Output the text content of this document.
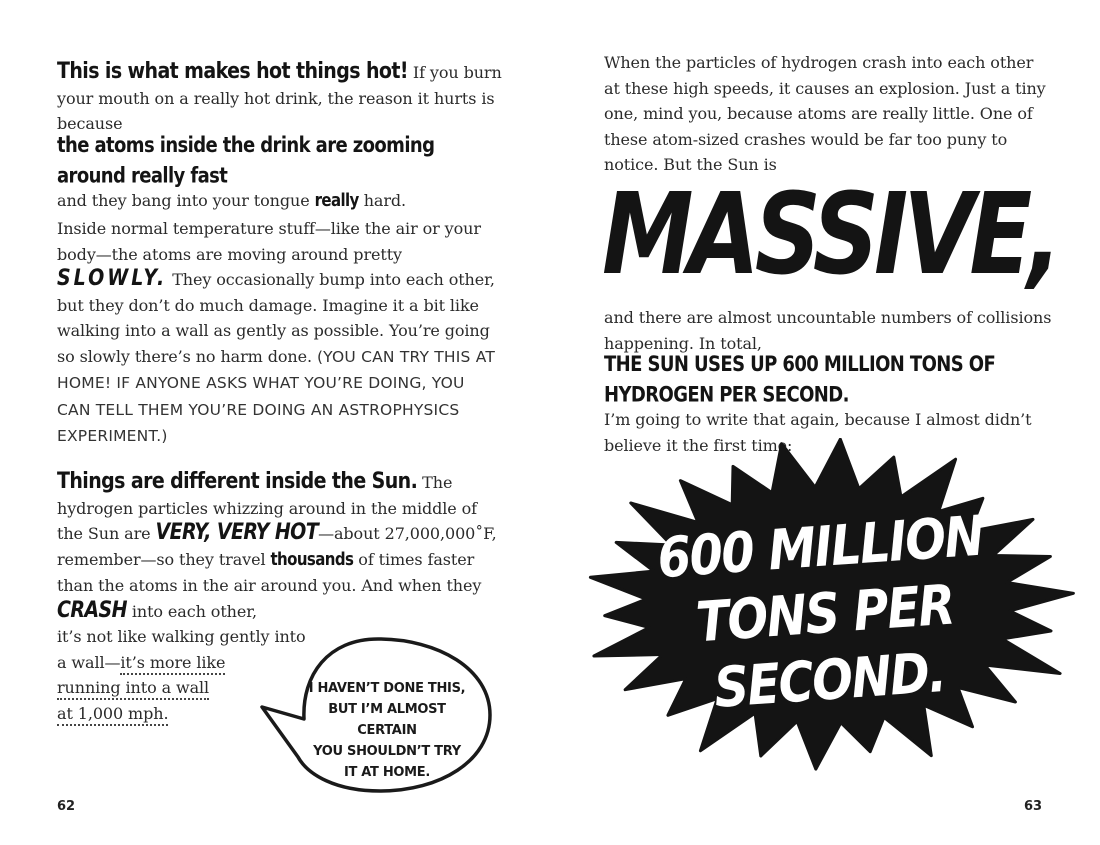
This is what makes hot things hot! If you burn your mouth on a really hot drink, the reason it hurts is because the atoms inside the drink are zooming around really fast and they bang into your tongue really hard.

Inside normal temperature stuff—like the air or your body—the atoms are moving around pretty SLOWLY. They occasionally bump into each other, but they don’t do much damage. Imagine it a bit like walking into a wall as gently as possible. You’re going so slowly there’s no harm done. (YOU CAN TRY THIS AT HOME! IF ANYONE ASKS WHAT YOU’RE DOING, YOU CAN TELL THEM YOU’RE DOING AN ASTROPHYSICS EXPERIMENT.)

Things are different inside the Sun. The hydrogen particles whizzing around in the middle of the Sun are VERY, VERY HOT—about 27,000,000˚F, remember—so they travel thousands of times faster than the atoms in the air around you. And when they CRASH into each other,
it’s not like walking gently into
a wall—it’s more like
running into a wall
at 1,000 mph.

I HAVEN’T DONE THIS,
BUT I’M ALMOST CERTAIN
YOU SHOULDN’T TRY
IT AT HOME.
62

When the particles of hydrogen crash into each other at these high speeds, it causes an explosion. Just a tiny one, mind you, because atoms are really little. One of these atom-sized crashes would be far too puny to notice. But the Sun is

MASSIVE,

and there are almost uncountable numbers of collisions happening. In total, THE SUN USES UP 600 MILLION TONS OF HYDROGEN PER SECOND. I’m going to write that again, because I almost didn’t believe it the first time:

600 MILLION
TONS PER
SECOND.
63
